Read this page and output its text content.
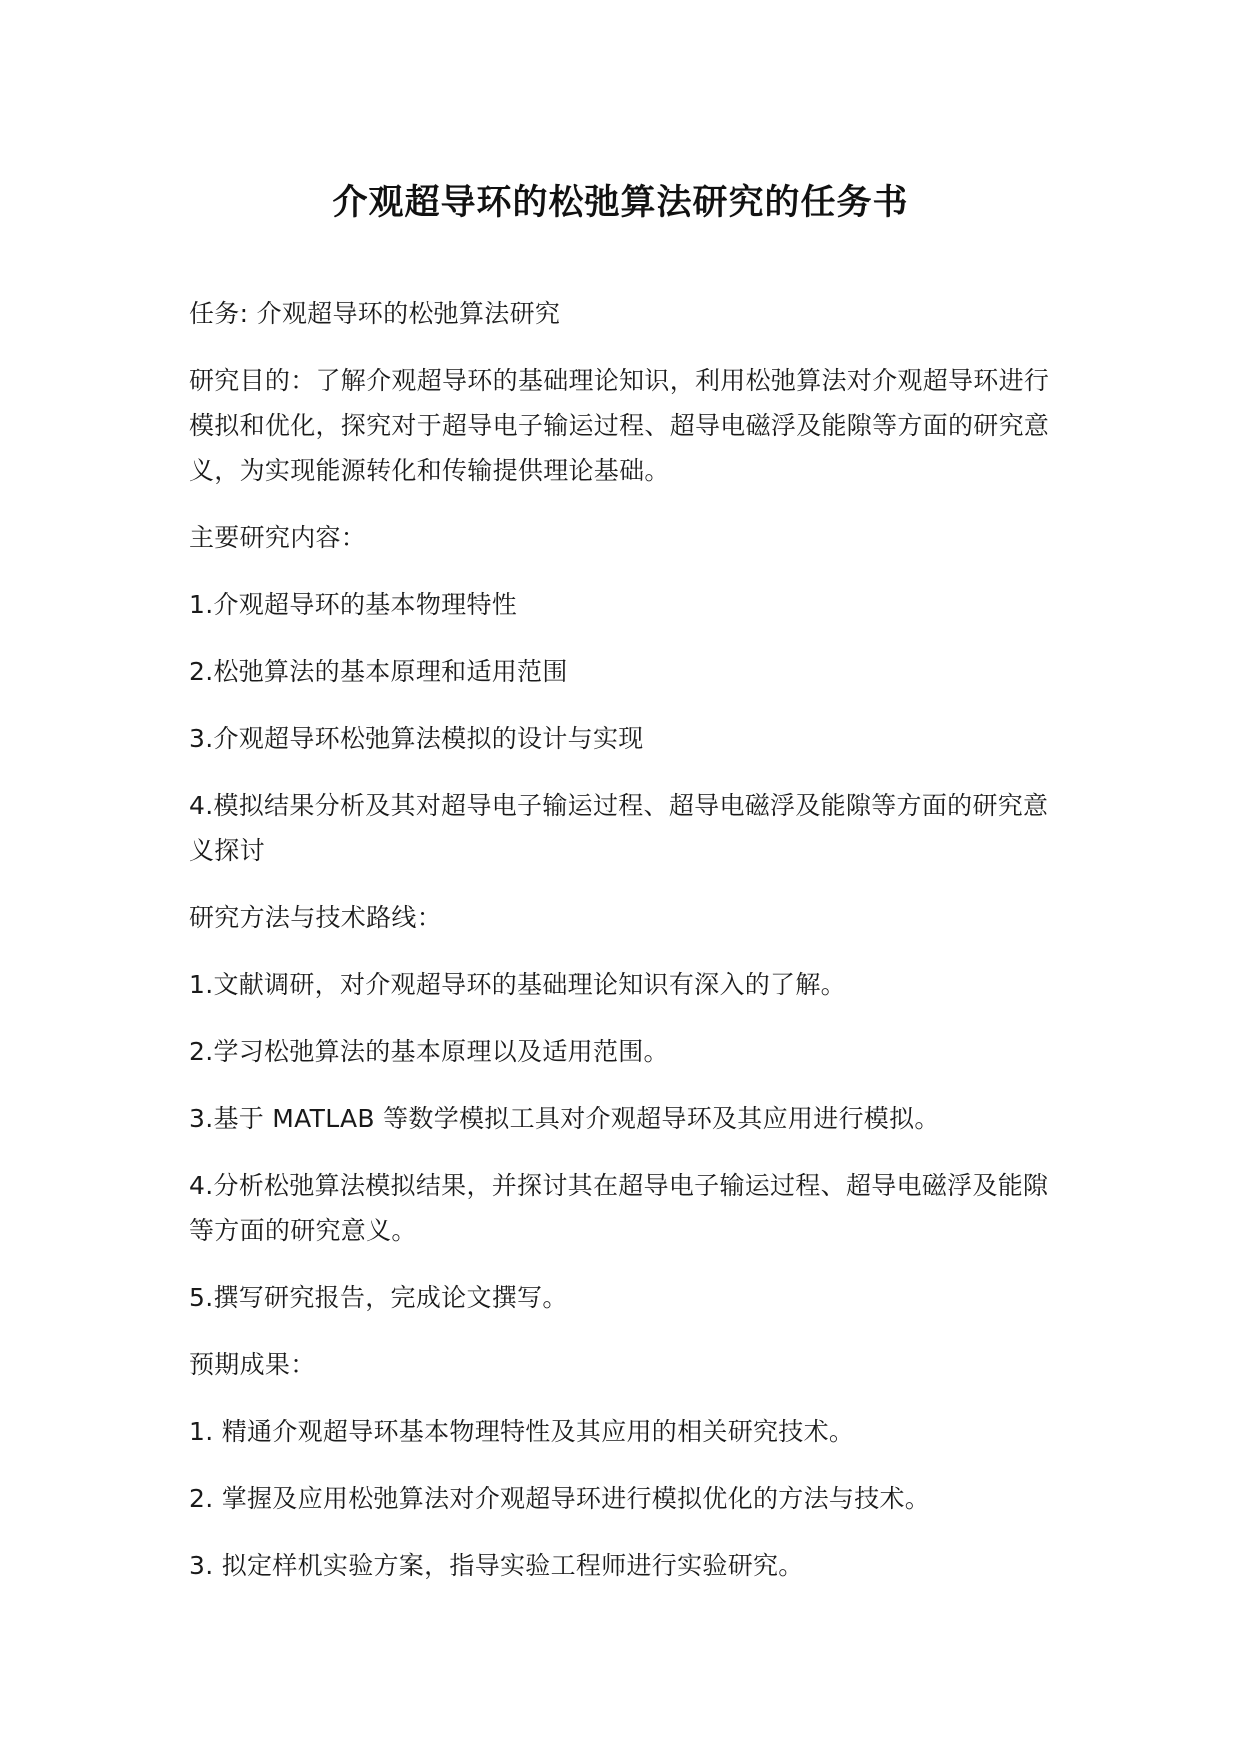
介观超导环的松弛算法研究的任务书

任务: 介观超导环的松弛算法研究

研究目的：了解介观超导环的基础理论知识，利用松弛算法对介观超导环进行模拟和优化，探究对于超导电子输运过程、超导电磁浮及能隙等方面的研究意义，为实现能源转化和传输提供理论基础。

主要研究内容：

1.介观超导环的基本物理特性

2.松弛算法的基本原理和适用范围

3.介观超导环松弛算法模拟的设计与实现

4.模拟结果分析及其对超导电子输运过程、超导电磁浮及能隙等方面的研究意义探讨

研究方法与技术路线：

1.文献调研，对介观超导环的基础理论知识有深入的了解。

2.学习松弛算法的基本原理以及适用范围。

3.基于 MATLAB 等数学模拟工具对介观超导环及其应用进行模拟。

4.分析松弛算法模拟结果，并探讨其在超导电子输运过程、超导电磁浮及能隙等方面的研究意义。

5.撰写研究报告，完成论文撰写。

预期成果：

1. 精通介观超导环基本物理特性及其应用的相关研究技术。

2. 掌握及应用松弛算法对介观超导环进行模拟优化的方法与技术。

3. 拟定样机实验方案，指导实验工程师进行实验研究。
